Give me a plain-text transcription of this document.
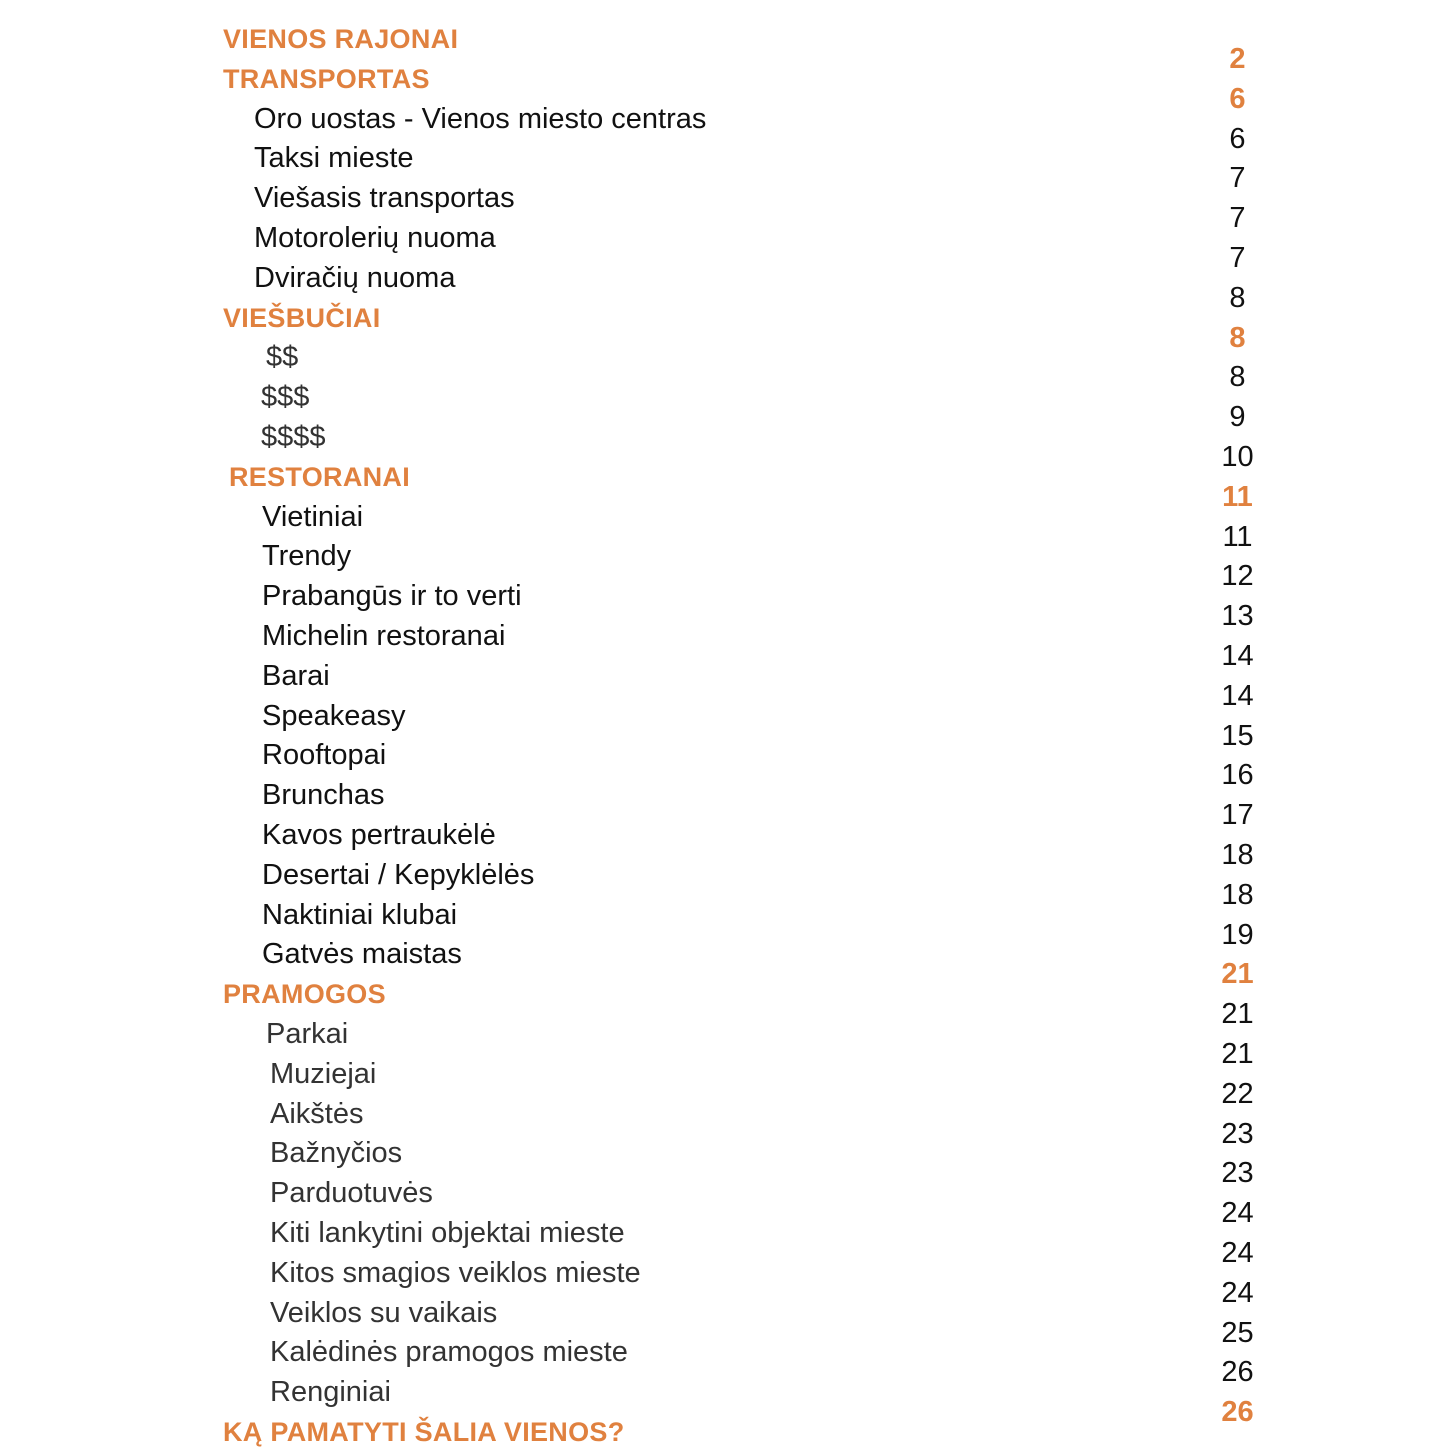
VIENOS RAJONAI
TRANSPORTAS
Oro uostas - Vienos miesto centras
Taksi mieste
Viešasis transportas
Motorolerių nuoma
Dviračių nuoma
VIEŠBUČIAI
$$
$$$
$$$$
RESTORANAI
Vietiniai
Trendy
Prabangūs ir to verti
Michelin restoranai
Barai
Speakeasy
Rooftopai
Brunchas
Kavos pertraukėlė
Desertai / Kepyklėlės
Naktiniai klubai
Gatvės maistas
PRAMOGOS
Parkai
Muziejai
Aikštės
Bažnyčios
Parduotuvės
Kiti lankytini objektai mieste
Kitos smagios veiklos mieste
Veiklos su vaikais
Kalėdinės pramogos mieste
Renginiai
KĄ PAMATYTI ŠALIA VIENOS?
2
6
6
7
7
7
8
8
8
9
10
11
11
12
13
14
14
15
16
17
18
18
19
21
21
21
22
23
23
24
24
24
25
26
26
